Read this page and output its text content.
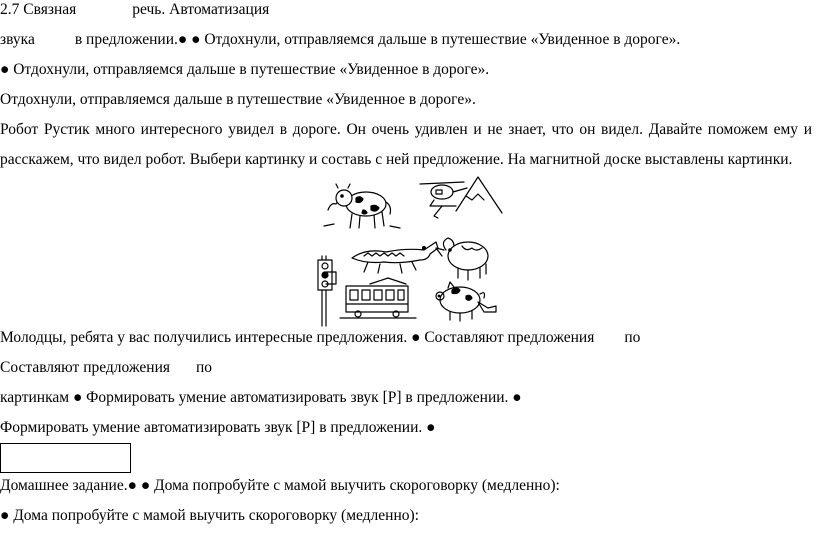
2.7 Связная	речь. Автоматизация
звука	в предложении.● ● Отдохнули, отправляемся дальше в путешествие «Увиденное в дороге».
● Отдохнули, отправляемся дальше в путешествие «Увиденное в дороге».
Отдохнули, отправляемся дальше в путешествие «Увиденное в дороге».
Робот Рустик много интересного увидел в дороге. Он очень удивлен и не знает, что он видел. Давайте поможем ему и
расскажем, что видел робот. Выбери картинку и составь с ней предложение. На магнитной доске выставлены картинки.
Молодцы, ребята у вас получились интересные предложения. ● Составляют предложения по
Составляют предложения по
картинкам ● Формировать умение автоматизировать звук [Р] в предложении. ●
Формировать умение автоматизировать звук [Р] в предложении. ●
Домашнее задание.● ● Дома попробуйте с мамой выучить скороговорку (медленно):
● Дома попробуйте с мамой выучить скороговорку (медленно):
